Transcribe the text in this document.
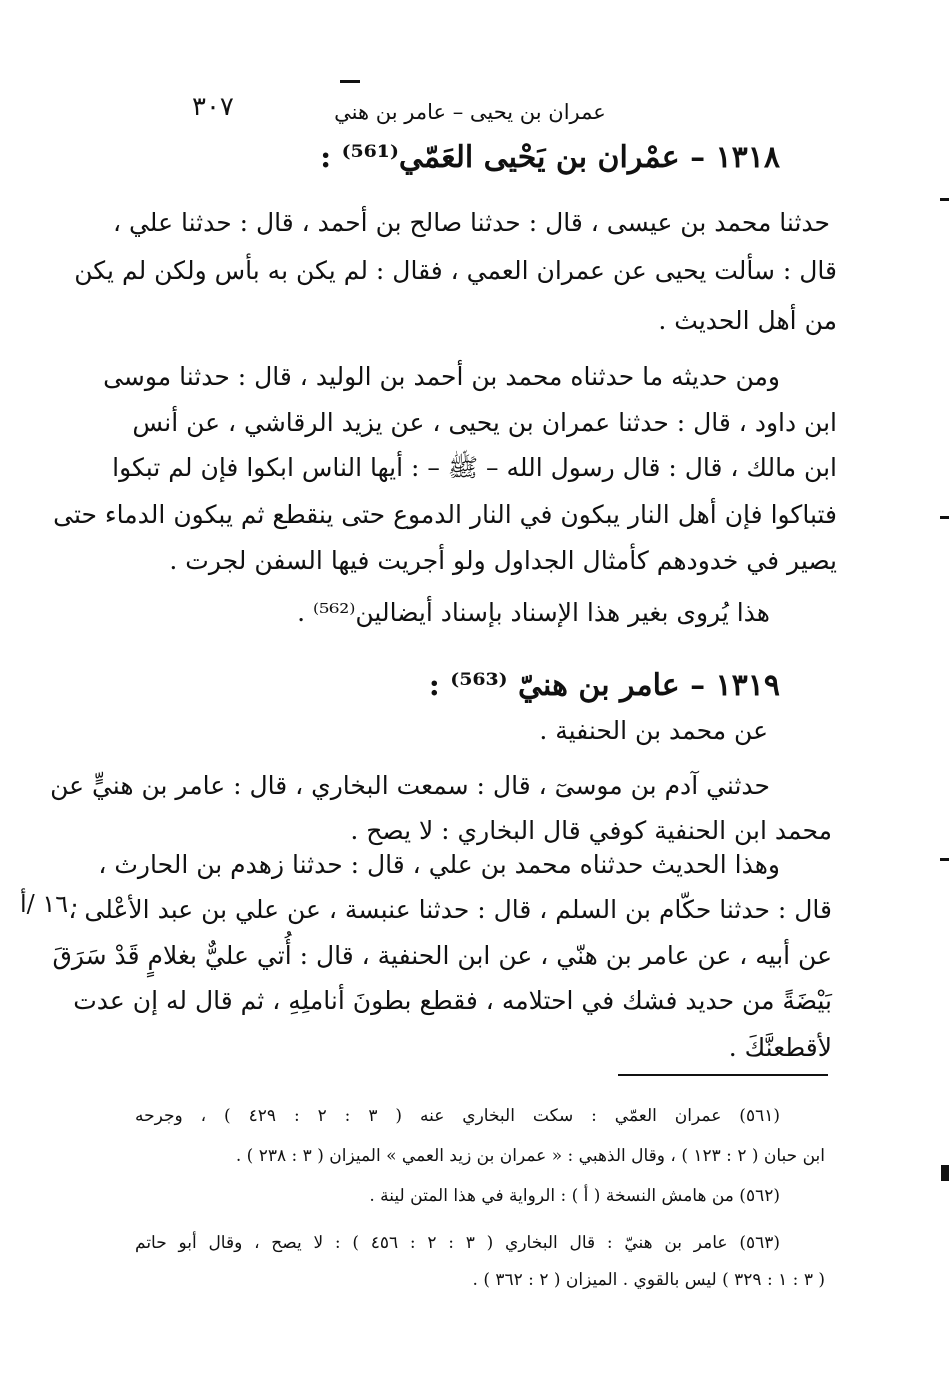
٣٠٧	عمران بن يحيى – عامر بن هني
١٣١٨ – عمْران بن يَحْيى العَمّي⁽⁵⁶¹⁾ :
حدثنا محمد بن عيسى ، قال : حدثنا صالح بن أحمد ، قال : حدثنا علي ،
قال : سألت يحيى عن عمران العمي ، فقال : لم يكن به بأس ولكن لم يكن
من أهل الحديث .
ومن حديثه ما حدثناه محمد بن أحمد بن الوليد ، قال : حدثنا موسى
ابن داود ، قال : حدثنا عمران بن يحيى ، عن يزيد الرقاشي ، عن أنس
ابن مالك ، قال : قال رسول الله – ﷺ – : أيها الناس ابكوا فإن لم تبكوا
فتباكوا فإن أهل النار يبكون في النار الدموع حتى ينقطع ثم يبكون الدماء حتى
يصير في خدودهم كأمثال الجداول ولو أجريت فيها السفن لجرت .
هذا يُروى بغير هذا الإسناد بإسناد أيضالين⁽⁵⁶²⁾ .
١٣١٩ – عامر بن هنيّ ⁽⁵⁶³⁾ :
عن محمد بن الحنفية .
حدثني آدم بن موسىٓ ، قال : سمعت البخاري ، قال : عامر بن هنيٍّ عن
محمد ابن الحنفية كوفي قال البخاري : لا يصح .
وهذا الحديث حدثناه محمد بن علي ، قال : حدثنا زهدم بن الحارث ،
قال : حدثنا حكّام بن السلم ، قال : حدثنا عنبسة ، عن علي بن عبد الأعْلى ،
عن أبيه ، عن عامر بن هنّي ، عن ابن الحنفية ، قال : أُتي عليٌّ بغلامٍ قَدْ سَرَقَ
بَيْضَةً من حديد فشك في احتلامه ، فقطع بطونَ أناملِهِ ، ثم قال له إن عدت
لأقطعنَّكَ .
١٦٠ /أ
(٥٦١) عمران العمّي : سكت البخاري عنه ( ٣ : ٢ : ٤٢٩ ) ، وجرحه
ابن حبان ( ٢ : ١٢٣ ) ، وقال الذهبي : « عمران بن زيد العمي » الميزان ( ٣ : ٢٣٨ ) .
(٥٦٢) من هامش النسخة ( أ ) : الرواية في هذا المتن لينة .
(٥٦٣) عامر بن هنيّ : قال البخاري ( ٣ : ٢ : ٤٥٦ ) : لا يصح ، وقال أبو حاتم
( ٣ : ١ : ٣٢٩ ) ليس بالقوي . الميزان ( ٢ : ٣٦٢ ) .
